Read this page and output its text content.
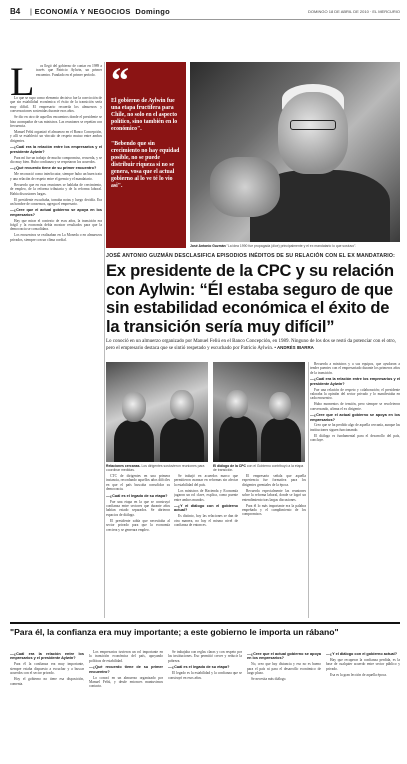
B4 | ECONOMÍA Y NEGOCIOS Domingo	DOMINGO 18 DE ABRIL DE 2010 · EL MERCURIO
L	os llegó del gobierno de contar en 1989 a través que Patricio Aylwin, un primer encuentro. Fundado en el primer período.

Lo que se supo como elemento decisivo fue la convicción de que sin estabilidad económica el éxito de la transición sería muy difícil. El empresario recuerda los almuerzos y conversaciones sostenidas durante esos años.

Se dio en otro de aquellos encuentros donde el presidente se hizo acompañar de sus ministros. Las reuniones se repetían con frecuencia.

Manuel Feliú organizó el almuerzo en el Banco Concepción, y allí se estableció un vínculo de respeto mutuo entre ambos dirigentes.

—¿Cuál era la relación entre los empresarios y el presidente Aylwin?

Para mí fue un trabajo de mucho compromiso, recuerda, y se dio muy bien. Hubo confianza y se respetaron los acuerdos.

—¿Qué recuerdo tiene de su primer encuentro?

Me reconoció como interlocutor, siempre hubo un buen trato y una relación de respeto entre el gremio y el mandatario.

Recuerdo que en esas reuniones se hablaba de crecimiento, de empleo, de la reforma tributaria y de la reforma laboral. Había discusiones largas.

El presidente escuchaba, tomaba notas y luego decidía. Era un hombre de consensos, agrega el empresario.

—¿Cree que el actual gobierno se apoya en los empresarios?

Hay que mirar el contexto de esos años, la transición era frágil y la economía debía mostrar resultados para que la democracia se consolidara.

Los encuentros se realizaban en La Moneda o en almuerzos privados, siempre con un clima cordial.

“
El gobierno de Aylwin fue una etapa fructífera para Chile, no solo en el aspecto político, sino también en lo económico".
"Bebendo que sin crecimiento no hay equidad posible, no se puede distribuir riqueza si no se genera, vosa que el actual gobierno al lo ve té lo vio asi".
José Antonio Guzmán "La idea 1990 fue propagada (dice) principalmente y el ex mandatario lo que sostuvo".
JOSÉ ANTONIO GUZMÁN DESCLASIFICA EPISODIOS INÉDITOS DE SU RELACIÓN CON EL EX MANDATARIO:
Ex presidente de la CPC y su relación con Aylwin: “Él estaba seguro de que sin estabilidad económica el éxito de la transición sería muy difícil”
Lo conoció en un almuerzo organizado por Manuel Feliú en el Banco Concepción, en 1989. Ninguno de los dos se restó da potenciar con el otro, pero el empresario destaca que se sintió respetado y escuchado por Patricio Aylwin. • ANDRÉS IBARRA
Relaciones cercanas. Los dirigentes sostuvieron reuniones para coordinar medidas.
El diálogo de la CPC con el Gobierno contribuyó a la etapa de transición.

CTC de dirigentes en una primera instancia, recordando aquellos años difíciles en que el país buscaba consolidar su democracia.

—¿Cuál es el legado de su etapa?

Fue una etapa en la que se construyó confianza entre sectores que durante años habían estado separados. Se abrieron espacios de diálogo.

El presidente sabía que necesitaba al sector privado para que la economía creciera y se generara empleo.

Se trabajó en acuerdos marco que permitieron avanzar en reformas sin afectar la estabilidad del país.

Los ministros de Hacienda y Economía jugaron un rol clave, explica, como puente entre ambos mundos.

—¿Y el diálogo con el gobierno actual?

Es distinto, hoy las relaciones se dan de otra manera, no hay el mismo nivel de confianza de entonces.

El empresario señala que aquella experiencia fue formativa para los dirigentes gremiales de la época.

Recuerda especialmente las reuniones sobre la reforma laboral, donde se logró un entendimiento tras largas discusiones.

Para él lo más importante era la palabra empeñada y el cumplimiento de los compromisos.

Recuerda a ministros y a sus equipos, que ayudaron a tender puentes con el empresariado durante los primeros años de la transición.

—¿Cuál era la relación entre los empresarios y el presidente Aylwin?

Fue una relación de respeto y colaboración; el presidente valoraba la opinión del sector privado y lo manifestaba en cada encuentro.

Hubo momentos de tensión, pero siempre se resolvieron conversando, afirma el ex dirigente.

—¿Cree que el actual gobierno se apoya en los empresarios?

Creo que se ha perdido algo de aquella cercanía, aunque las instituciones siguen funcionando.

El diálogo es fundamental para el desarrollo del país, concluye.

"Para él, la confianza era muy importante; a este gobierno le importa un rábano"
—¿Cuál era la relación entre los empresarios y el presidente Aylwin?

Para él la confianza era muy importante, siempre estaba dispuesto a escuchar y a buscar acuerdos con el sector privado.

Hoy el gobierno no tiene esa disposición, comenta.

Los empresarios tuvieron un rol importante en la transición económica del país, apoyando políticas de estabilidad.

—¿Qué recuerdo tiene de su primer encuentro?

Lo conocí en un almuerzo organizado por Manuel Feliú, y desde entonces mantuvimos contacto.

Se trabajaba con reglas claras y con respeto por las instituciones. Eso permitió crecer y reducir la pobreza.

—¿Cuál es el legado de su etapa?

El legado es la estabilidad y la confianza que se construyó en esos años.

—¿Cree que el actual gobierno se apoya en los empresarios?

No, creo que hay distancia y eso no es bueno para el país ni para el desarrollo económico de largo plazo.

Se necesita más diálogo.

—¿Y el diálogo con el gobierno actual?

Hay que recuperar la confianza perdida, es la base de cualquier acuerdo entre sector público y privado.

Esa es la gran lección de aquella época.
